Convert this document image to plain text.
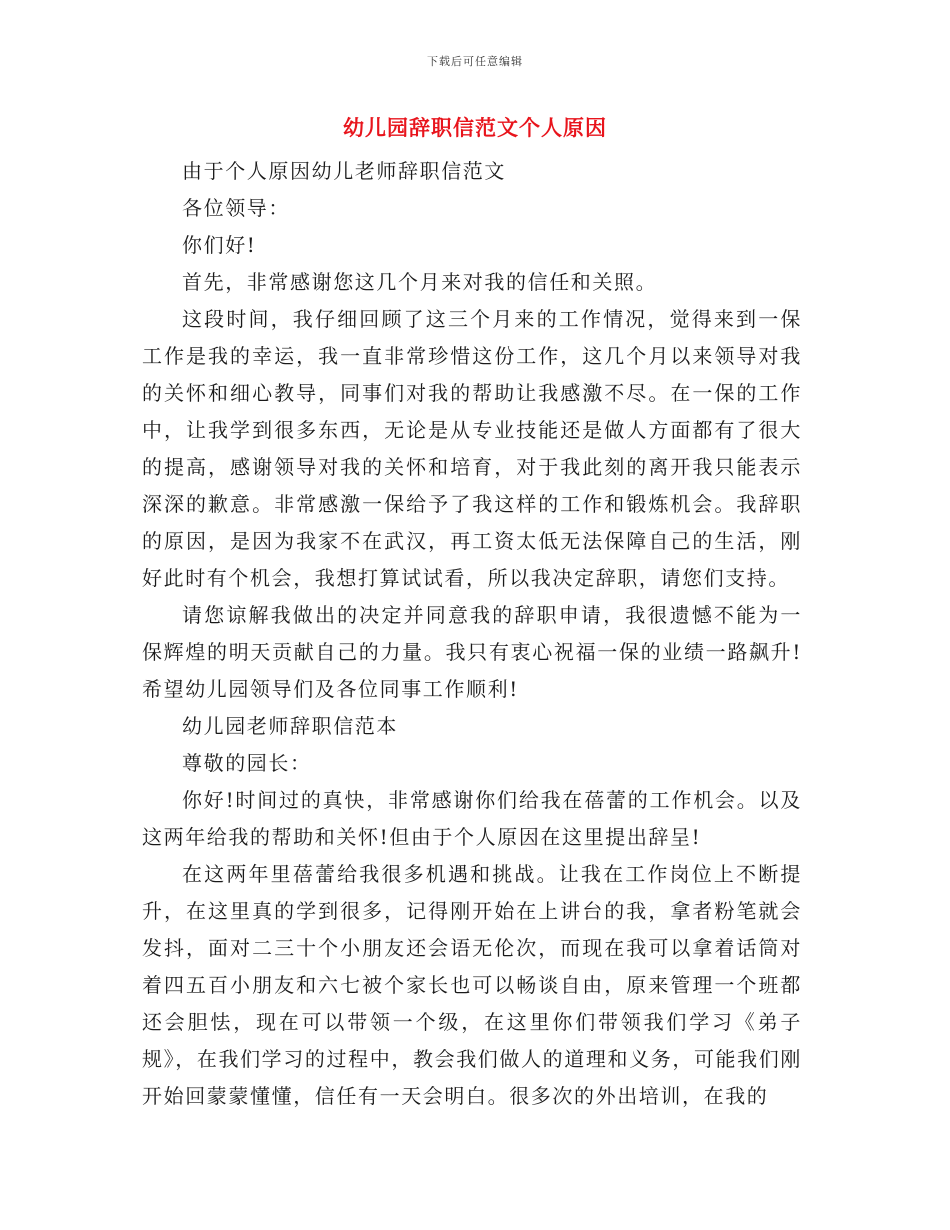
下载后可任意编辑
幼儿园辞职信范文个人原因

由于个人原因幼儿老师辞职信范文

各位领导：

你们好!

首先，非常感谢您这几个月来对我的信任和关照。

这段时间，我仔细回顾了这三个月来的工作情况，觉得来到一保工作是我的幸运，我一直非常珍惜这份工作，这几个月以来领导对我的关怀和细心教导，同事们对我的帮助让我感激不尽。在一保的工作中，让我学到很多东西，无论是从专业技能还是做人方面都有了很大的提高，感谢领导对我的关怀和培育，对于我此刻的离开我只能表示深深的歉意。非常感激一保给予了我这样的工作和锻炼机会。我辞职的原因，是因为我家不在武汉，再工资太低无法保障自己的生活，刚好此时有个机会，我想打算试试看，所以我决定辞职，请您们支持。

请您谅解我做出的决定并同意我的辞职申请，我很遗憾不能为一保辉煌的明天贡献自己的力量。我只有衷心祝福一保的业绩一路飙升!希望幼儿园领导们及各位同事工作顺利!

幼儿园老师辞职信范本

尊敬的园长：

你好!时间过的真快，非常感谢你们给我在蓓蕾的工作机会。以及这两年给我的帮助和关怀!但由于个人原因在这里提出辞呈!

在这两年里蓓蕾给我很多机遇和挑战。让我在工作岗位上不断提升，在这里真的学到很多，记得刚开始在上讲台的我，拿者粉笔就会发抖，面对二三十个小朋友还会语无伦次，而现在我可以拿着话筒对着四五百小朋友和六七被个家长也可以畅谈自由，原来管理一个班都还会胆怯，现在可以带领一个级，在这里你们带领我们学习《弟子规》，在我们学习的过程中，教会我们做人的道理和义务，可能我们刚开始回蒙蒙懂懂，信任有一天会明白。很多次的外出培训，在我的
